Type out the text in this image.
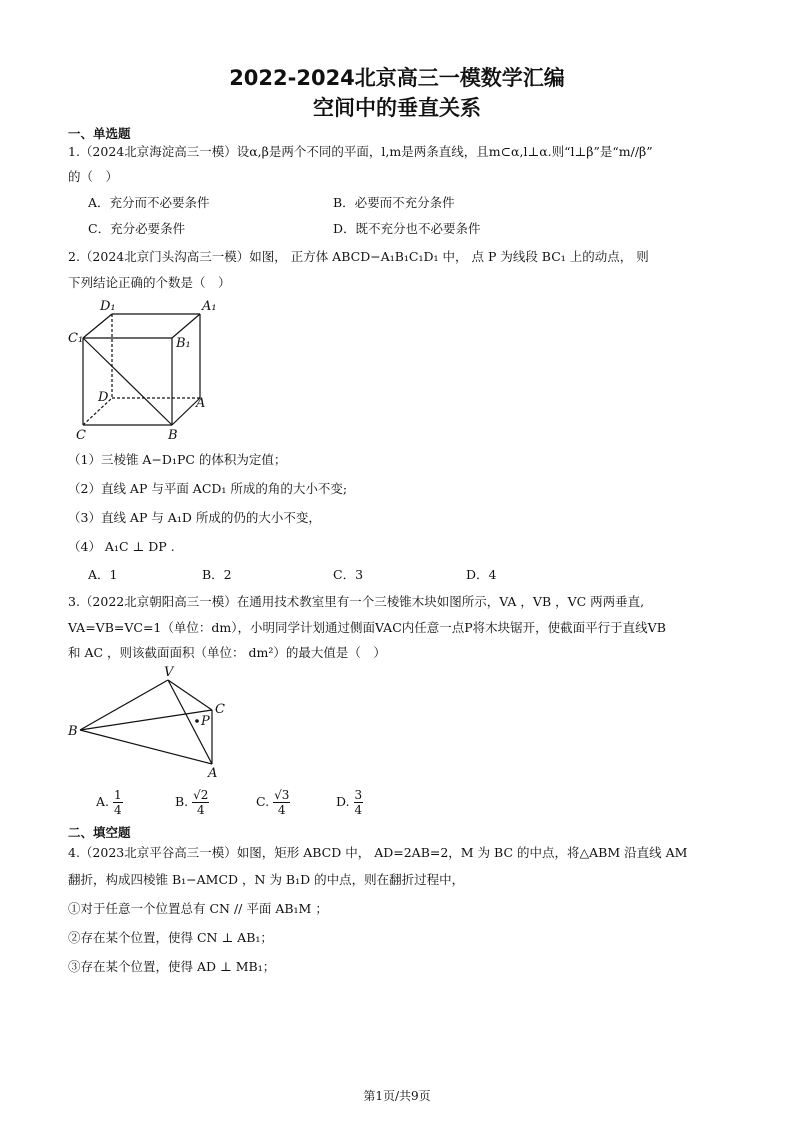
2022-2024北京高三一模数学汇编
空间中的垂直关系
一、单选题
1.（2024北京海淀高三一模）设α,β是两个不同的平面，l,m是两条直线，且m⊂α,l⊥α.则“l⊥β”是“m//β”
的（　）
A．充分而不必要条件	B．必要而不充分条件
C．充分必要条件	D．既不充分也不必要条件
2.（2024北京门头沟高三一模）如图， 正方体 ABCD−A₁B₁C₁D₁ 中， 点 P 为线段 BC₁ 上的动点， 则
下列结论正确的个数是（　）
D₁	A₁
C₁	B₁
D	A
C	B
（1）三棱锥 A−D₁PC 的体积为定值；
（2）直线 AP 与平面 ACD₁ 所成的角的大小不变;
（3）直线 AP 与 A₁D 所成的仍的大小不变，
（4） A₁C ⊥ DP .
A．1	B．2	C．3	D．4
3.（2022北京朝阳高三一模）在通用技术教室里有一个三棱锥木块如图所示，VA ，VB ，VC 两两垂直,
VA=VB=VC=1（单位：dm），小明同学计划通过侧面VAC内任意一点P将木块锯开，使截面平行于直线VB
和 AC ，则该截面面积（单位： dm²）的最大值是（　）
V
C
P
B
A
A. $\frac{1}{4}$	B. $\frac{√2}{4}$	C. $\frac{√3}{4}$	D. $\frac{3}{4}$
二、填空题
4.（2023北京平谷高三一模）如图，矩形 ABCD 中， AD=2AB=2，M 为 BC 的中点，将△ABM 沿直线 AM
翻折，构成四棱锥 B₁−AMCD ，N 为 B₁D 的中点，则在翻折过程中，
①对于任意一个位置总有 CN // 平面 AB₁M ；
②存在某个位置，使得 CN ⊥ AB₁；
③存在某个位置，使得 AD ⊥ MB₁；
第1页/共9页
